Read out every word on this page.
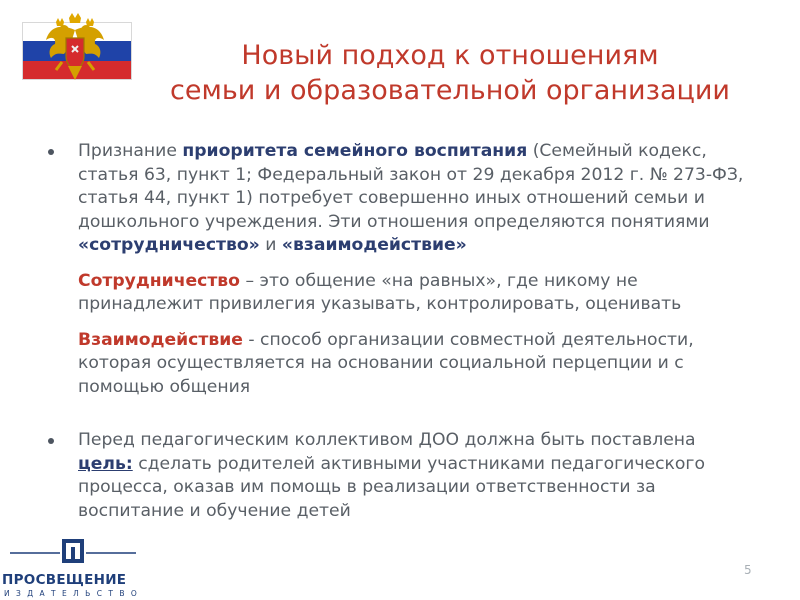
Новый подход к отношениям
семьи и образовательной организации
Признание приоритета семейного воспитания (Семейный кодекс, статья 63, пункт 1; Федеральный закон от 29 декабря 2012 г. № 273-ФЗ, статья 44, пункт 1) потребует совершенно иных отношений семьи и дошкольного учреждения. Эти отношения определяются понятиями «сотрудничество» и «взаимодействие»
Сотрудничество – это общение «на равных», где никому не принадлежит привилегия указывать, контролировать, оценивать
Взаимодействие - способ организации совместной деятельности, которая осуществляется на основании социальной перцепции и с помощью общения
Перед педагогическим коллективом ДОО должна быть поставлена цель: сделать родителей активными участниками педагогического процесса, оказав им помощь в реализации ответственности за воспитание и обучение детей
ПРОСВЕЩЕНИЕ
ИЗДАТЕЛЬСТВО
5
